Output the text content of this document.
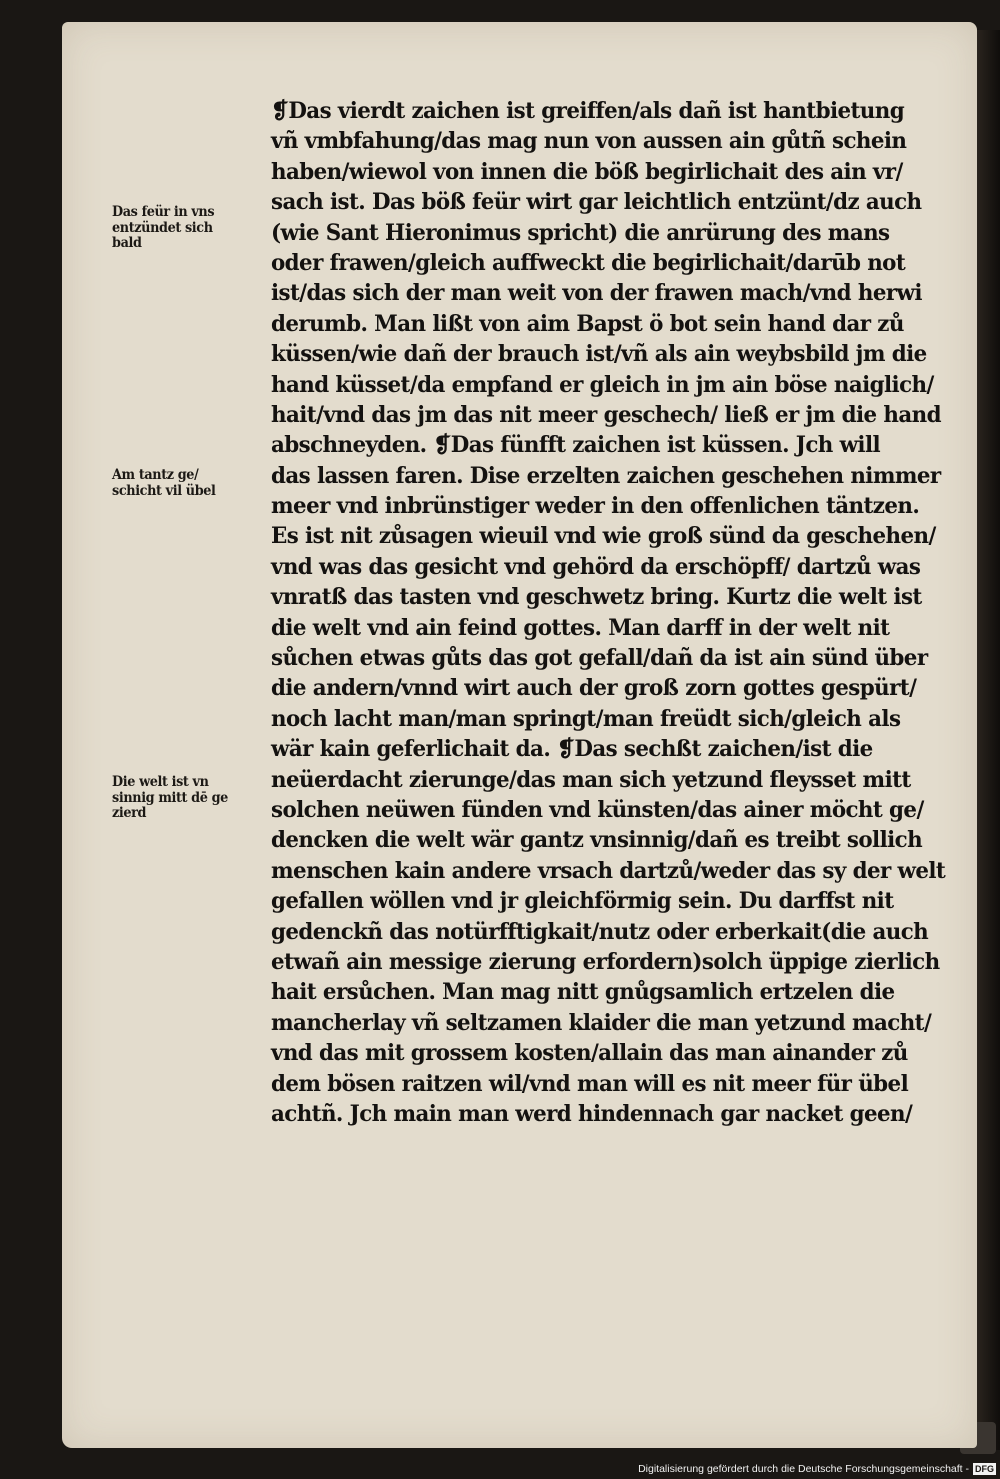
Das feür in vns
entzündet sich
bald
Am tantz ge/
schicht vil übel
Die welt ist vn
sinnig mitt dē ge
zierd
❡Das vierdt zaichen ist greiffen/als dañ ist hantbietung
vñ vmbfahung/das mag nun von aussen ain gůtñ schein
haben/wiewol von innen die böß begirlichait des ain vr/
sach ist. Das böß feür wirt gar leichtlich entzünt/dz auch
(wie Sant Hieronimus spricht) die anrürung des mans
oder frawen/gleich auffweckt die begirlichait/darūb not
ist/das sich der man weit von der frawen mach/vnd herwi
derumb. Man lißt von aim Bapst ö bot sein hand dar zů
küssen/wie dañ der brauch ist/vñ als ain weybsbild jm die
hand küsset/da empfand er gleich in jm ain böse naiglich/
hait/vnd das jm das nit meer geschech/ ließ er jm die hand
abschneyden. ❡Das fünfft zaichen ist küssen. Jch will
das lassen faren. Dise erzelten zaichen geschehen nimmer
meer vnd inbrünstiger weder in den offenlichen täntzen.
Es ist nit zůsagen wieuil vnd wie groß sünd da geschehen/
vnd was das gesicht vnd gehörd da erschöpff/ dartzů was
vnratß das tasten vnd geschwetz bring. Kurtz die welt ist
die welt vnd ain feind gottes. Man darff in der welt nit
sůchen etwas gůts das got gefall/dañ da ist ain sünd über
die andern/vnnd wirt auch der groß zorn gottes gespürt/
noch lacht man/man springt/man freüdt sich/gleich als
wär kain geferlichait da. ❡Das sechßt zaichen/ist die
neüerdacht zierunge/das man sich yetzund fleysset mitt
solchen neüwen fünden vnd künsten/das ainer möcht ge/
dencken die welt wär gantz vnsinnig/dañ es treibt sollich
menschen kain andere vrsach dartzů/weder das sy der welt
gefallen wöllen vnd jr gleichförmig sein. Du darffst nit
gedenckñ das notürfftigkait/nutz oder erberkait(die auch
etwañ ain messige zierung erfordern)solch üppige zierlich
hait ersůchen. Man mag nitt gnůgsamlich ertzelen die
mancherlay vñ seltzamen klaider die man yetzund macht/
vnd das mit grossem kosten/allain das man ainander zů
dem bösen raitzen wil/vnd man will es nit meer für übel
achtñ. Jch main man werd hindennach gar nacket geen/
Digitalisierung gefördert durch die Deutsche Forschungsgemeinschaft - DFG
